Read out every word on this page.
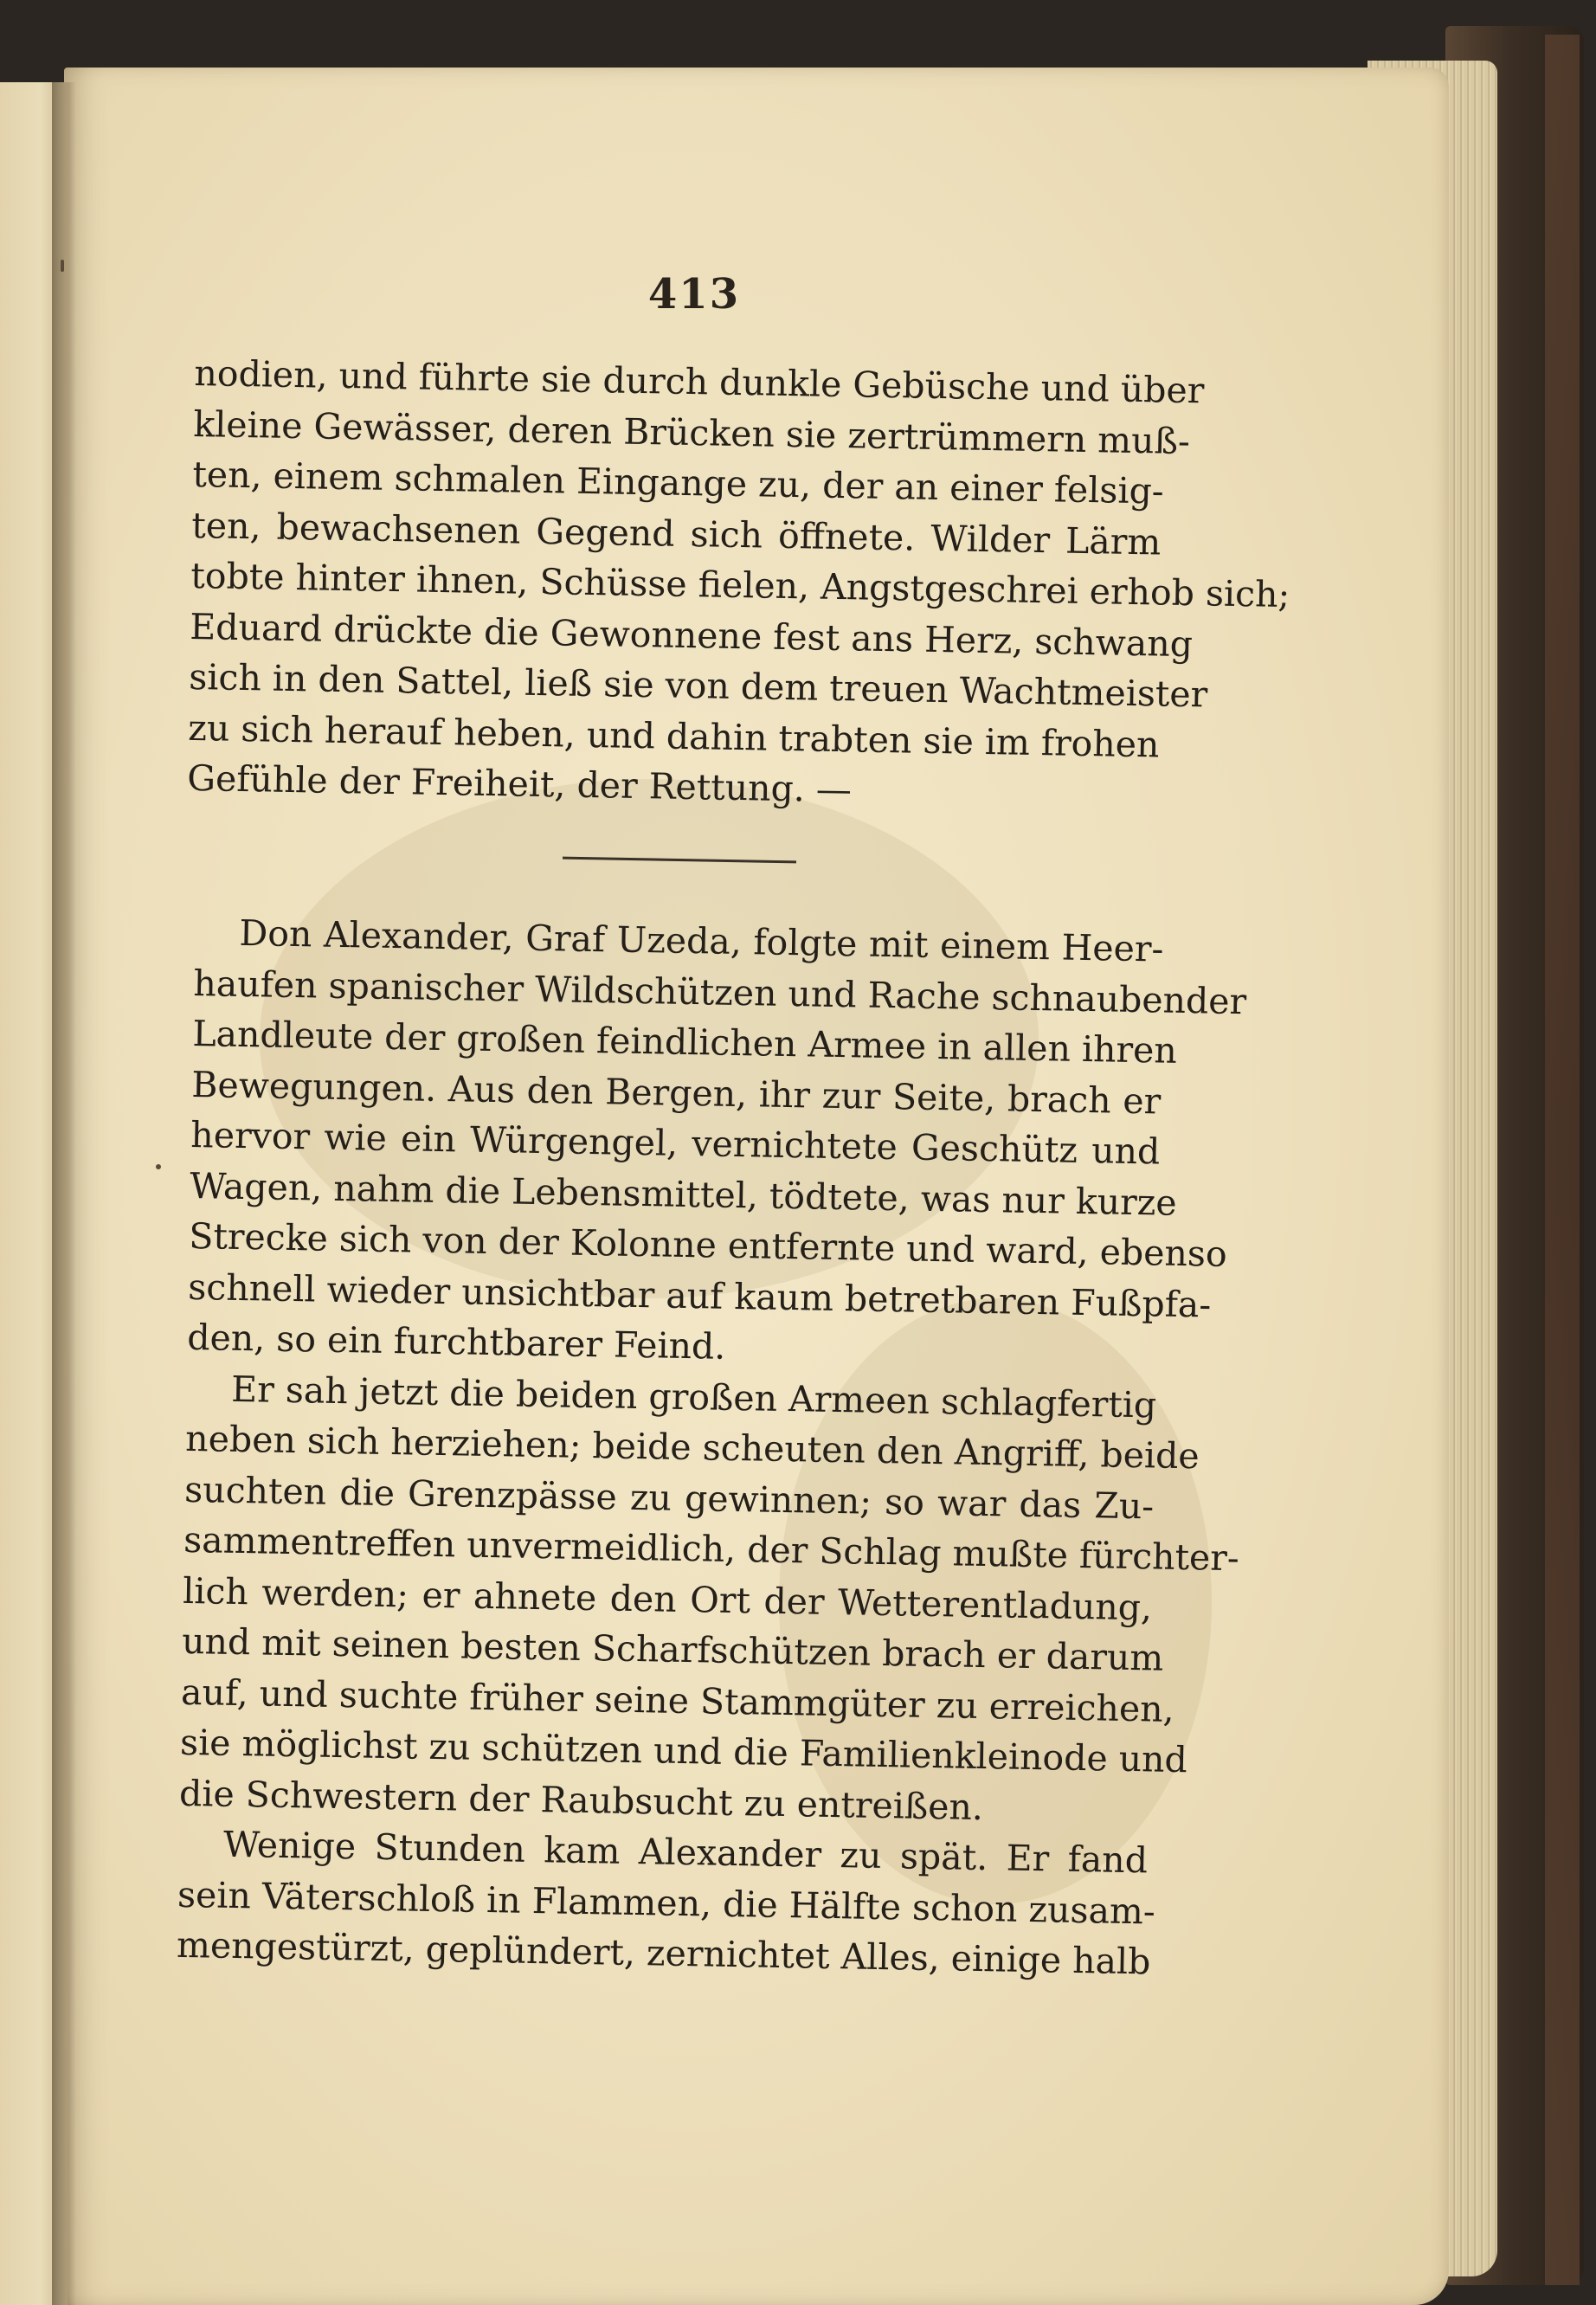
413
nodien, und führte sie durch dunkle Gebüsche und über
kleine Gewässer, deren Brücken sie zertrümmern muß-
ten, einem schmalen Eingange zu, der an einer felsig-
ten, bewachsenen Gegend sich öffnete. Wilder Lärm
tobte hinter ihnen, Schüsse fielen, Angstgeschrei erhob sich;
Eduard drückte die Gewonnene fest ans Herz, schwang
sich in den Sattel, ließ sie von dem treuen Wachtmeister
zu sich herauf heben, und dahin trabten sie im frohen
Gefühle der Freiheit, der Rettung. —
Don Alexander, Graf Uzeda, folgte mit einem Heer-
haufen spanischer Wildschützen und Rache schnaubender
Landleute der großen feindlichen Armee in allen ihren
Bewegungen. Aus den Bergen, ihr zur Seite, brach er
hervor wie ein Würgengel, vernichtete Geschütz und
Wagen, nahm die Lebensmittel, tödtete, was nur kurze
Strecke sich von der Kolonne entfernte und ward, ebenso
schnell wieder unsichtbar auf kaum betretbaren Fußpfa-
den, so ein furchtbarer Feind.
Er sah jetzt die beiden großen Armeen schlagfertig
neben sich herziehen; beide scheuten den Angriff, beide
suchten die Grenzpässe zu gewinnen; so war das Zu-
sammentreffen unvermeidlich, der Schlag mußte fürchter-
lich werden; er ahnete den Ort der Wetterentladung,
und mit seinen besten Scharfschützen brach er darum
auf, und suchte früher seine Stammgüter zu erreichen,
sie möglichst zu schützen und die Familienkleinode und
die Schwestern der Raubsucht zu entreißen.
Wenige Stunden kam Alexander zu spät. Er fand
sein Väterschloß in Flammen, die Hälfte schon zusam-
mengestürzt, geplündert, zernichtet Alles, einige halb
